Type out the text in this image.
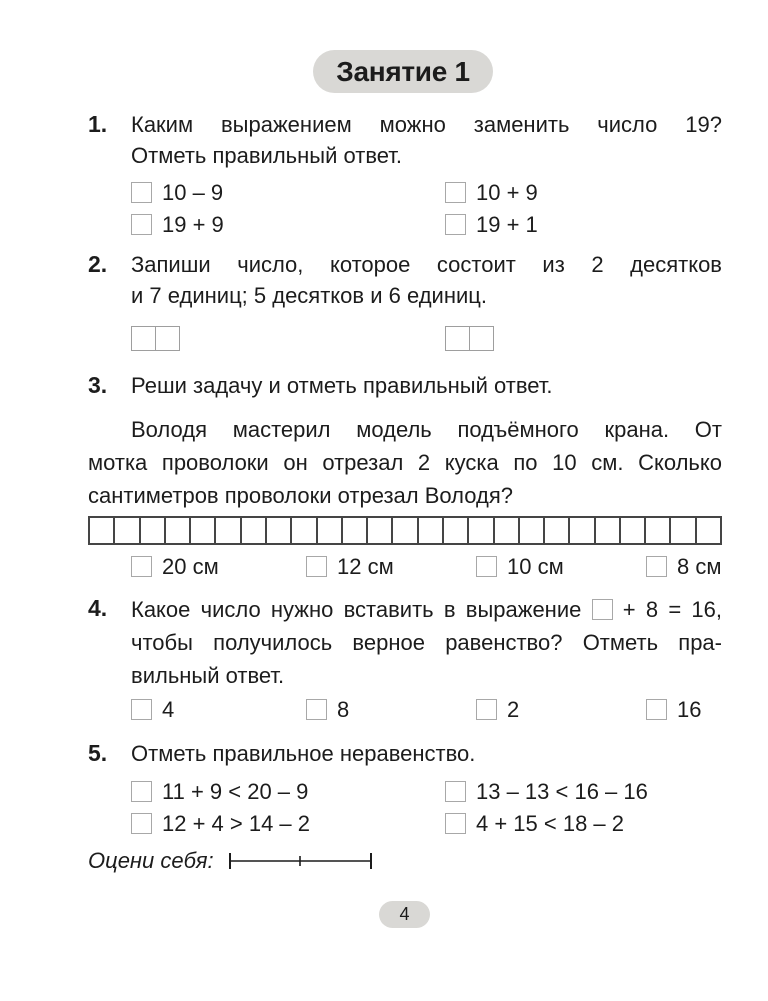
Занятие 1
1.	Каким выражением можно заменить число 19?
Отметь правильный ответ.
10 – 9	10 + 9
19 + 9	19 + 1
2.	Запиши число, которое состоит из 2 десятков
и 7 единиц; 5 десятков и 6 единиц.
3.	Реши задачу и отметь правильный ответ.
Володя мастерил модель подъёмного крана. От
мотка проволоки он отрезал 2 куска по 10 см. Сколько
сантиметров проволоки отрезал Володя?
20 см	12 см	10 см	8 см
4.	Какое число нужно вставить в выражение + 8 = 16,
чтобы получилось верное равенство? Отметь пра-
вильный ответ.
4	8	2	16
5.	Отметь правильное неравенство.
11 + 9 < 20 – 9	13 – 13 < 16 – 16
12 + 4 > 14 – 2	4 + 15 < 18 – 2
Оцени себя:
4
